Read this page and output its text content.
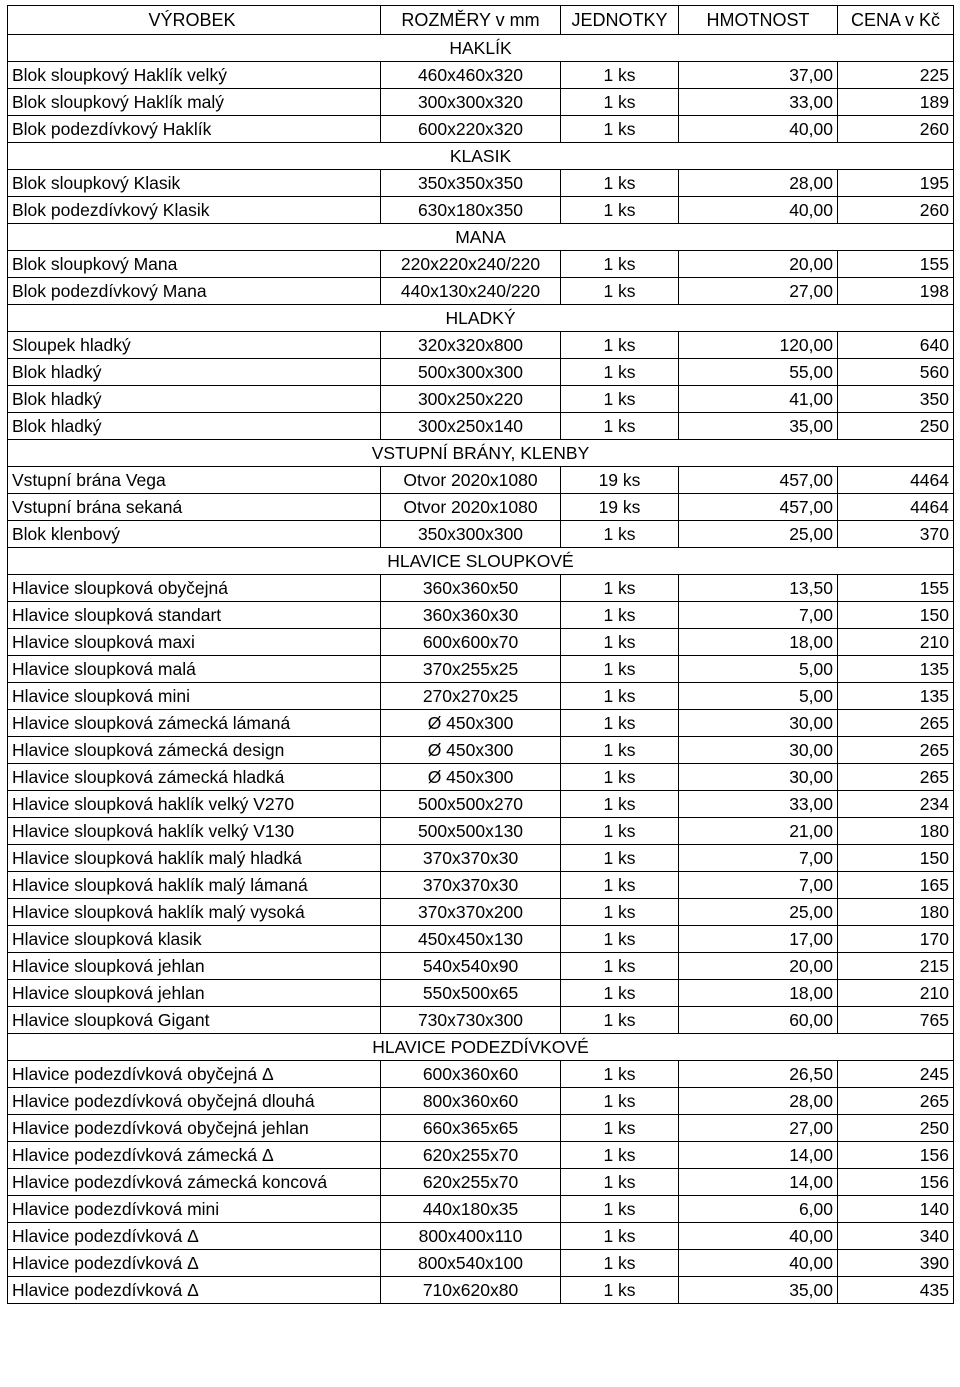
VÝROBEK	ROZMĚRY v mm	JEDNOTKY	HMOTNOST	CENA v Kč
HAKLÍK				
Blok sloupkový Haklík velký	460x460x320	1 ks	37,00	225
Blok sloupkový Haklík malý	300x300x320	1 ks	33,00	189
Blok podezdívkový Haklík	600x220x320	1 ks	40,00	260
KLASIK				
Blok sloupkový Klasik	350x350x350	1 ks	28,00	195
Blok podezdívkový Klasik	630x180x350	1 ks	40,00	260
MANA				
Blok sloupkový Mana	220x220x240/220	1 ks	20,00	155
Blok podezdívkový Mana	440x130x240/220	1 ks	27,00	198
HLADKÝ				
Sloupek hladký	320x320x800	1 ks	120,00	640
Blok hladký	500x300x300	1 ks	55,00	560
Blok hladký	300x250x220	1 ks	41,00	350
Blok hladký	300x250x140	1 ks	35,00	250
VSTUPNÍ BRÁNY, KLENBY				
Vstupní brána Vega	Otvor 2020x1080	19 ks	457,00	4464
Vstupní brána sekaná	Otvor 2020x1080	19 ks	457,00	4464
Blok klenbový	350x300x300	1 ks	25,00	370
HLAVICE SLOUPKOVÉ				
Hlavice sloupková obyčejná	360x360x50	1 ks	13,50	155
Hlavice sloupková standart	360x360x30	1 ks	7,00	150
Hlavice sloupková maxi	600x600x70	1 ks	18,00	210
Hlavice sloupková malá	370x255x25	1 ks	5,00	135
Hlavice sloupková mini	270x270x25	1 ks	5,00	135
Hlavice sloupková zámecká lámaná	Ø 450x300	1 ks	30,00	265
Hlavice sloupková zámecká design	Ø 450x300	1 ks	30,00	265
Hlavice sloupková zámecká hladká	Ø 450x300	1 ks	30,00	265
Hlavice sloupková haklík velký V270	500x500x270	1 ks	33,00	234
Hlavice sloupková haklík velký V130	500x500x130	1 ks	21,00	180
Hlavice sloupková haklík malý hladká	370x370x30	1 ks	7,00	150
Hlavice sloupková haklík malý lámaná	370x370x30	1 ks	7,00	165
Hlavice sloupková haklík malý vysoká	370x370x200	1 ks	25,00	180
Hlavice sloupková klasik	450x450x130	1 ks	17,00	170
Hlavice sloupková jehlan	540x540x90	1 ks	20,00	215
Hlavice sloupková jehlan	550x500x65	1 ks	18,00	210
Hlavice sloupková Gigant	730x730x300	1 ks	60,00	765
HLAVICE PODEZDÍVKOVÉ				
Hlavice podezdívková obyčejná Δ	600x360x60	1 ks	26,50	245
Hlavice podezdívková obyčejná dlouhá	800x360x60	1 ks	28,00	265
Hlavice podezdívková obyčejná jehlan	660x365x65	1 ks	27,00	250
Hlavice podezdívková zámecká Δ	620x255x70	1 ks	14,00	156
Hlavice podezdívková zámecká koncová	620x255x70	1 ks	14,00	156
Hlavice podezdívková mini	440x180x35	1 ks	6,00	140
Hlavice podezdívková Δ	800x400x110	1 ks	40,00	340
Hlavice podezdívková Δ	800x540x100	1 ks	40,00	390
Hlavice podezdívková Δ	710x620x80	1 ks	35,00	435
